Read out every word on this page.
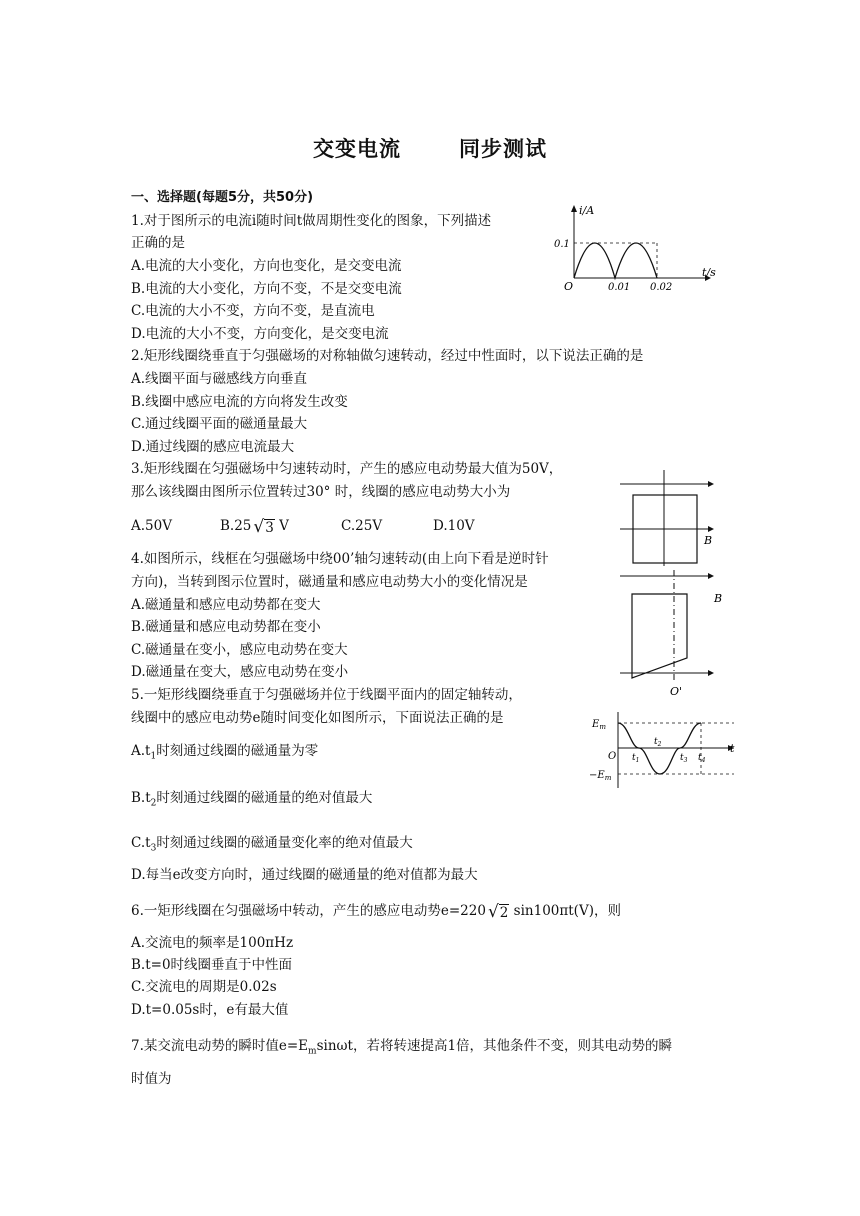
交变电流	同步测试
一、选择题(每题5分，共50分)
1.对于图所示的电流i随时间t做周期性变化的图象，下列描述
正确的是
A.电流的大小变化，方向也变化，是交变电流
B.电流的大小变化，方向不变，不是交变电流
C.电流的大小不变，方向不变，是直流电
D.电流的大小不变，方向变化，是交变电流
i/A
0.1
O	0.01 0.02
t/s
2.矩形线圈绕垂直于匀强磁场的对称轴做匀速转动，经过中性面时，以下说法正确的是
A.线圈平面与磁感线方向垂直
B.线圈中感应电流的方向将发生改变
C.通过线圈平面的磁通量最大
D.通过线圈的感应电流最大
3.矩形线圈在匀强磁场中匀速转动时，产生的感应电动势最大值为50V，
那么该线圈由图所示位置转过30° 时，线圈的感应电动势大小为
A.50V	B.25 √3 V	C.25V	D.10V
B
4.如图所示，线框在匀强磁场中绕00’轴匀速转动(由上向下看是逆时针
方向)，当转到图示位置时，磁通量和感应电动势大小的变化情况是
A.磁通量和感应电动势都在变大
B.磁通量和感应电动势都在变小
C.磁通量在变小，感应电动势在变大
D.磁通量在变大，感应电动势在变小
B
O'
5.一矩形线圈绕垂直于匀强磁场并位于线圈平面内的固定轴转动，
线圈中的感应电动势e随时间变化如图所示，下面说法正确的是
$A.t_1$时刻通过线圈的磁通量为零
$B.t_2$时刻通过线圈的磁通量的绝对值最大
$C.t_3$时刻通过线圈的磁通量变化率的绝对值最大
D.每当e改变方向时，通过线圈的磁通量的绝对值都为最大
$E_m$
$-E_m$
O $t_1$
$t_2$
$t_3$ $t_4$
t
6.一矩形线圈在匀强磁场中转动，产生的感应电动势e=220 √2 sin100πt(V)，则
A.交流电的频率是100πHz
B.t=0时线圈垂直于中性面
C.交流电的周期是0.02s
D.t=0.05s时，e有最大值
7.某交流电动势的瞬时值$e=E_m\sin\omega t$，若将转速提高1倍，其他条件不变，则其电动势的瞬
时值为
